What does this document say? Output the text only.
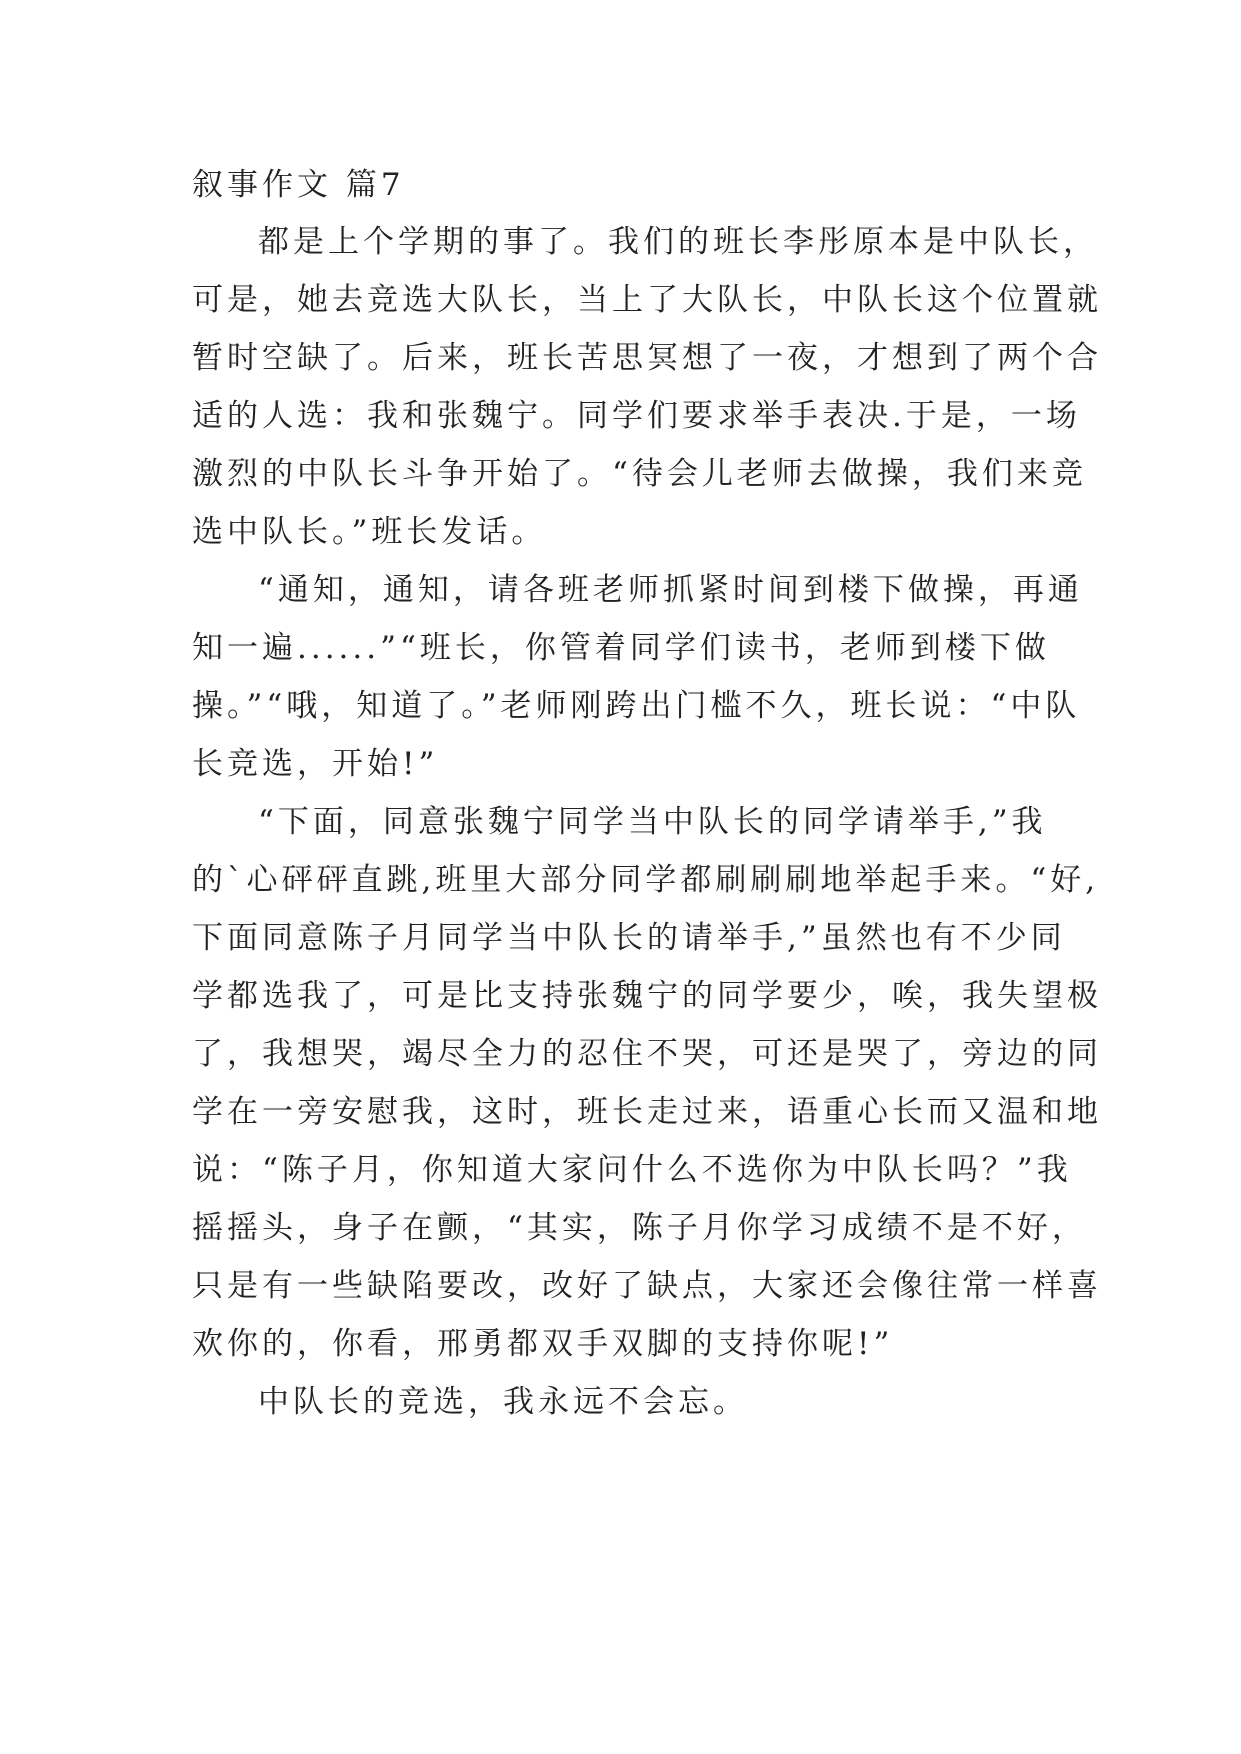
叙事作文 篇7

都是上个学期的事了。我们的班长李彤原本是中队长，
可是，她去竞选大队长，当上了大队长，中队长这个位置就
暂时空缺了。后来，班长苦思冥想了一夜，才想到了两个合
适的人选：我和张魏宁。同学们要求举手表决.于是，一场
激烈的中队长斗争开始了。“待会儿老师去做操，我们来竞
选中队长。”班长发话。

“通知，通知，请各班老师抓紧时间到楼下做操，再通
知一遍......”“班长，你管着同学们读书，老师到楼下做
操。”“哦，知道了。”老师刚跨出门槛不久，班长说：“中队
长竞选，开始!”

“下面，同意张魏宁同学当中队长的同学请举手,”我
的`心砰砰直跳,班里大部分同学都刷刷刷地举起手来。“好,
下面同意陈子月同学当中队长的请举手,”虽然也有不少同
学都选我了，可是比支持张魏宁的同学要少，唉，我失望极
了，我想哭，竭尽全力的忍住不哭，可还是哭了，旁边的同
学在一旁安慰我，这时，班长走过来，语重心长而又温和地
说：“陈子月，你知道大家问什么不选你为中队长吗？”我
摇摇头，身子在颤，“其实，陈子月你学习成绩不是不好，
只是有一些缺陷要改，改好了缺点，大家还会像往常一样喜
欢你的，你看，邢勇都双手双脚的支持你呢!”

中队长的竞选，我永远不会忘。
